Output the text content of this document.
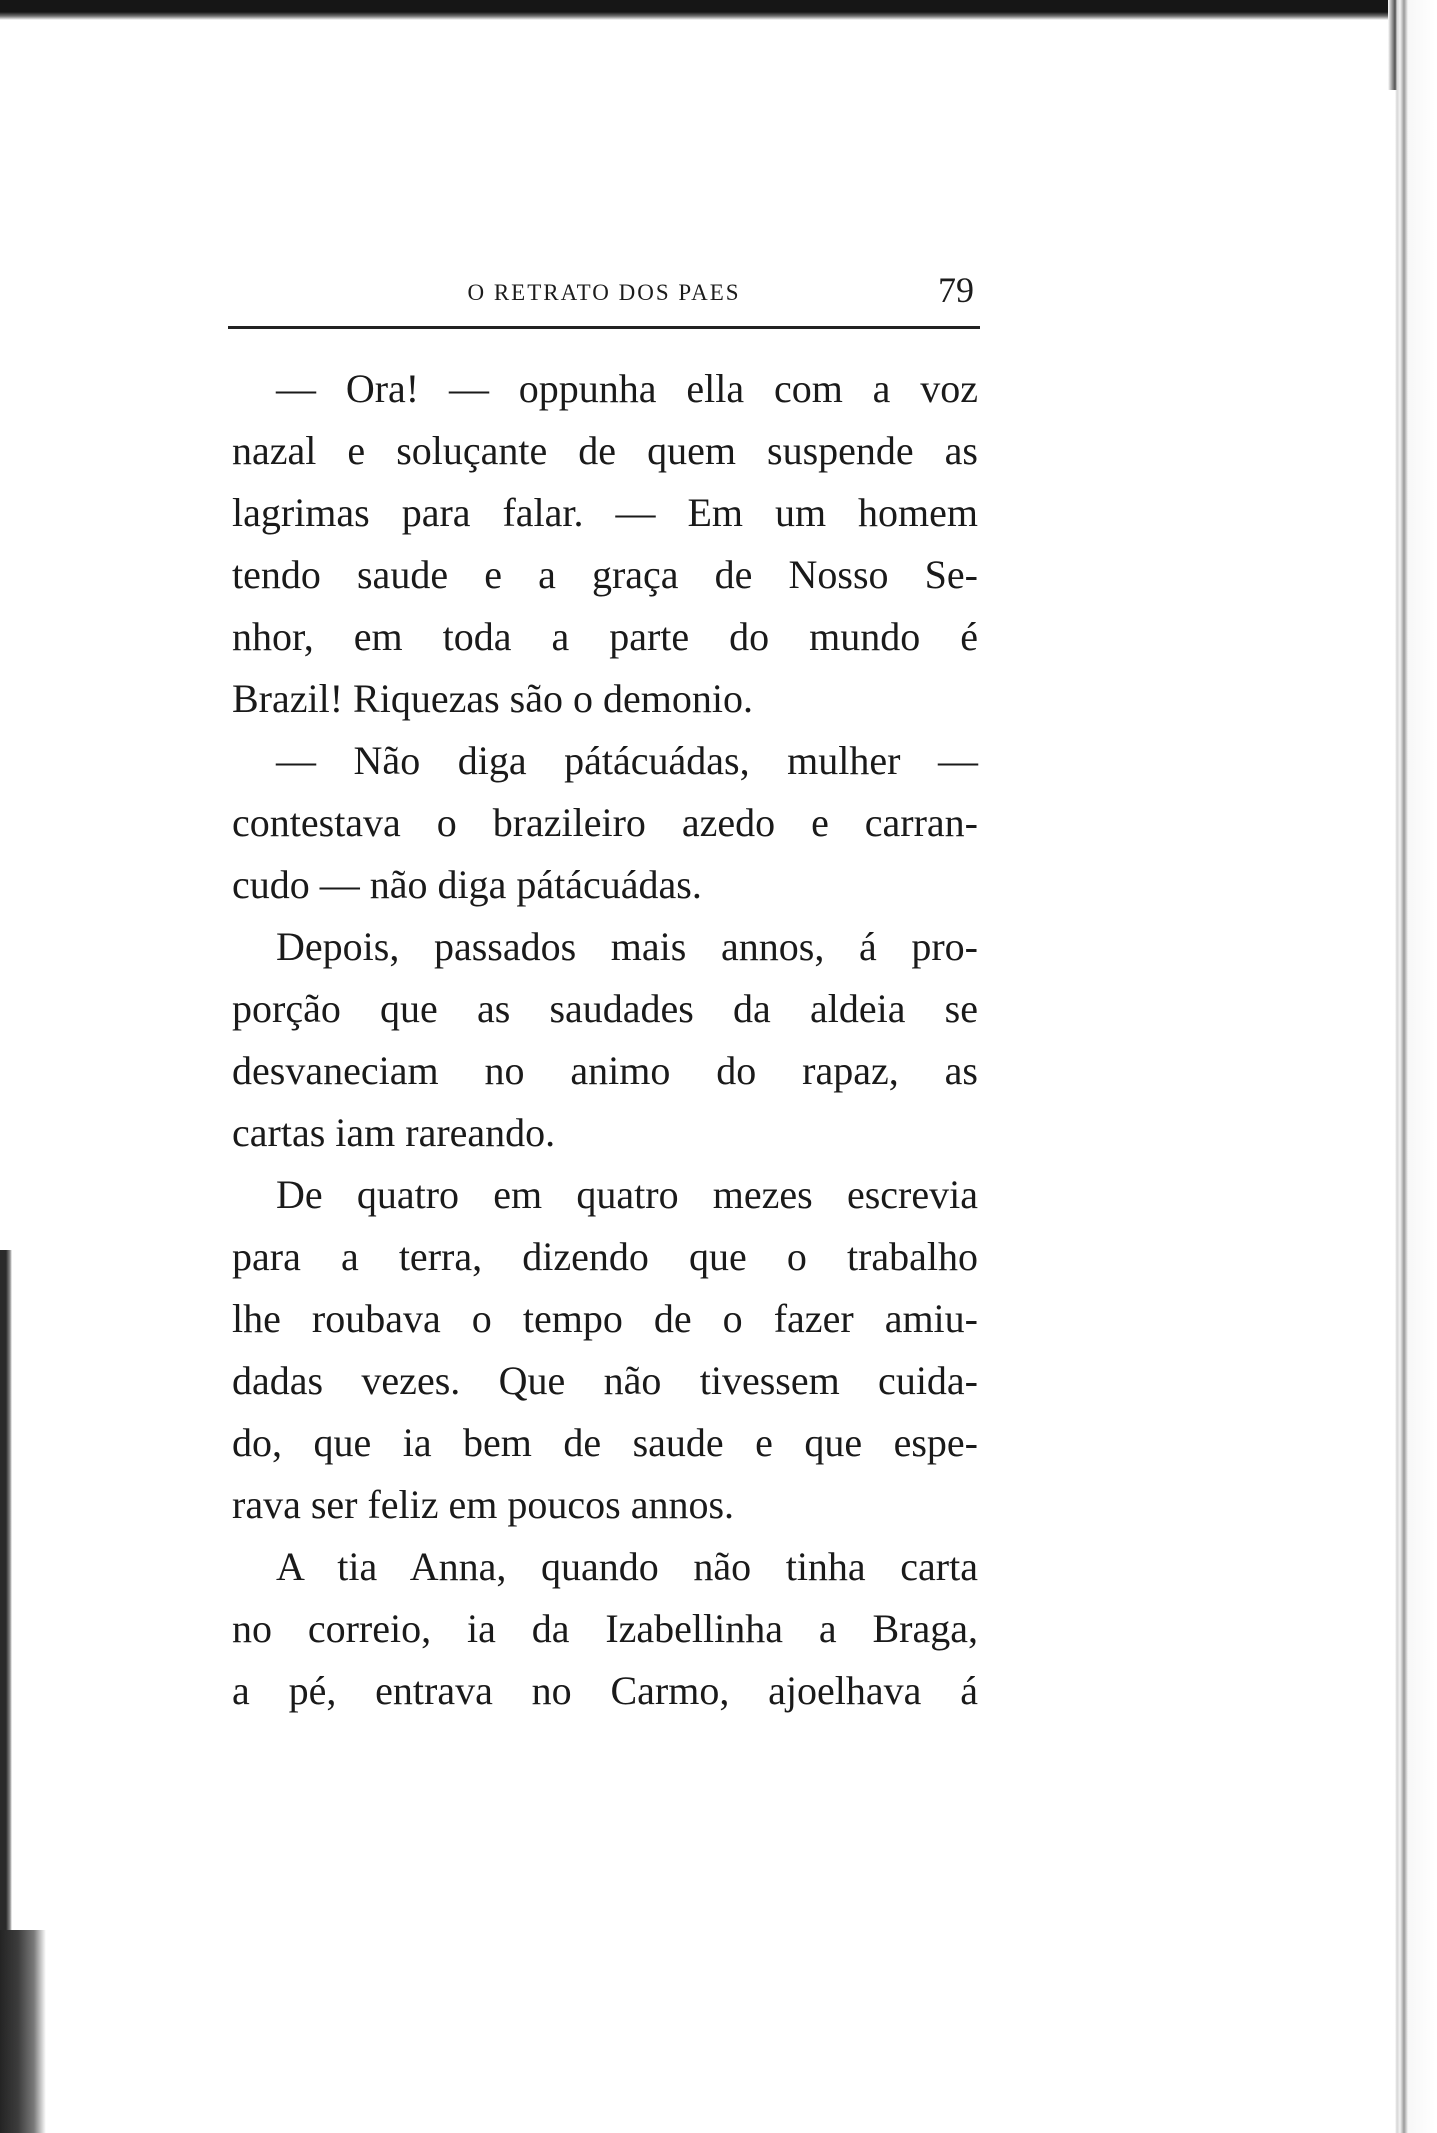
O RETRATO DOS PAES	79
— Ora! — oppunha ella com a voz
nazal e soluçante de quem suspende as
lagrimas para falar. — Em um homem
tendo saude e a graça de Nosso Se-
nhor, em toda a parte do mundo é
Brazil! Riquezas são o demonio.
— Não diga pátácuádas, mulher —
contestava o brazileiro azedo e carran-
cudo — não diga pátácuádas.
Depois, passados mais annos, á pro-
porção que as saudades da aldeia se
desvaneciam no animo do rapaz, as
cartas iam rareando.
De quatro em quatro mezes escrevia
para a terra, dizendo que o trabalho
lhe roubava o tempo de o fazer amiu-
dadas vezes. Que não tivessem cuida-
do, que ia bem de saude e que espe-
rava ser feliz em poucos annos.
A tia Anna, quando não tinha carta
no correio, ia da Izabellinha a Braga,
a pé, entrava no Carmo, ajoelhava á
